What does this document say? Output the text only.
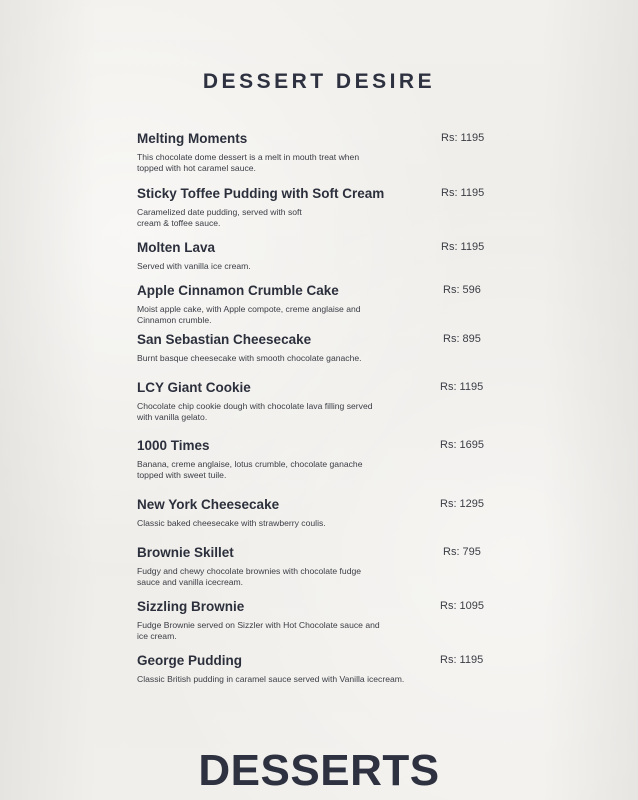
DESSERT DESIRE
Melting Moments
This chocolate dome dessert is a melt in mouth treat when topped with hot caramel sauce.
Rs: 1195
Sticky Toffee Pudding with Soft Cream
Caramelized date pudding, served with soft cream & toffee sauce.
Rs: 1195
Molten Lava
Served with vanilla ice cream.
Rs: 1195
Apple Cinnamon Crumble Cake
Moist apple cake, with Apple compote, creme anglaise and Cinnamon crumble.
Rs: 596
San Sebastian Cheesecake
Burnt basque cheesecake with smooth chocolate ganache.
Rs: 895
LCY Giant Cookie
Chocolate chip cookie dough with chocolate lava filling served with vanilla gelato.
Rs: 1195
1000 Times
Banana, creme anglaise, lotus crumble, chocolate ganache topped with sweet tuile.
Rs: 1695
New York Cheesecake
Classic baked cheesecake with strawberry coulis.
Rs: 1295
Brownie Skillet
Fudgy and chewy chocolate brownies with chocolate fudge sauce and vanilla icecream.
Rs: 795
Sizzling Brownie
Fudge Brownie served on Sizzler with Hot Chocolate sauce and ice cream.
Rs: 1095
George Pudding
Classic British pudding in caramel sauce served with Vanilla icecream.
Rs: 1195
DESSERTS
